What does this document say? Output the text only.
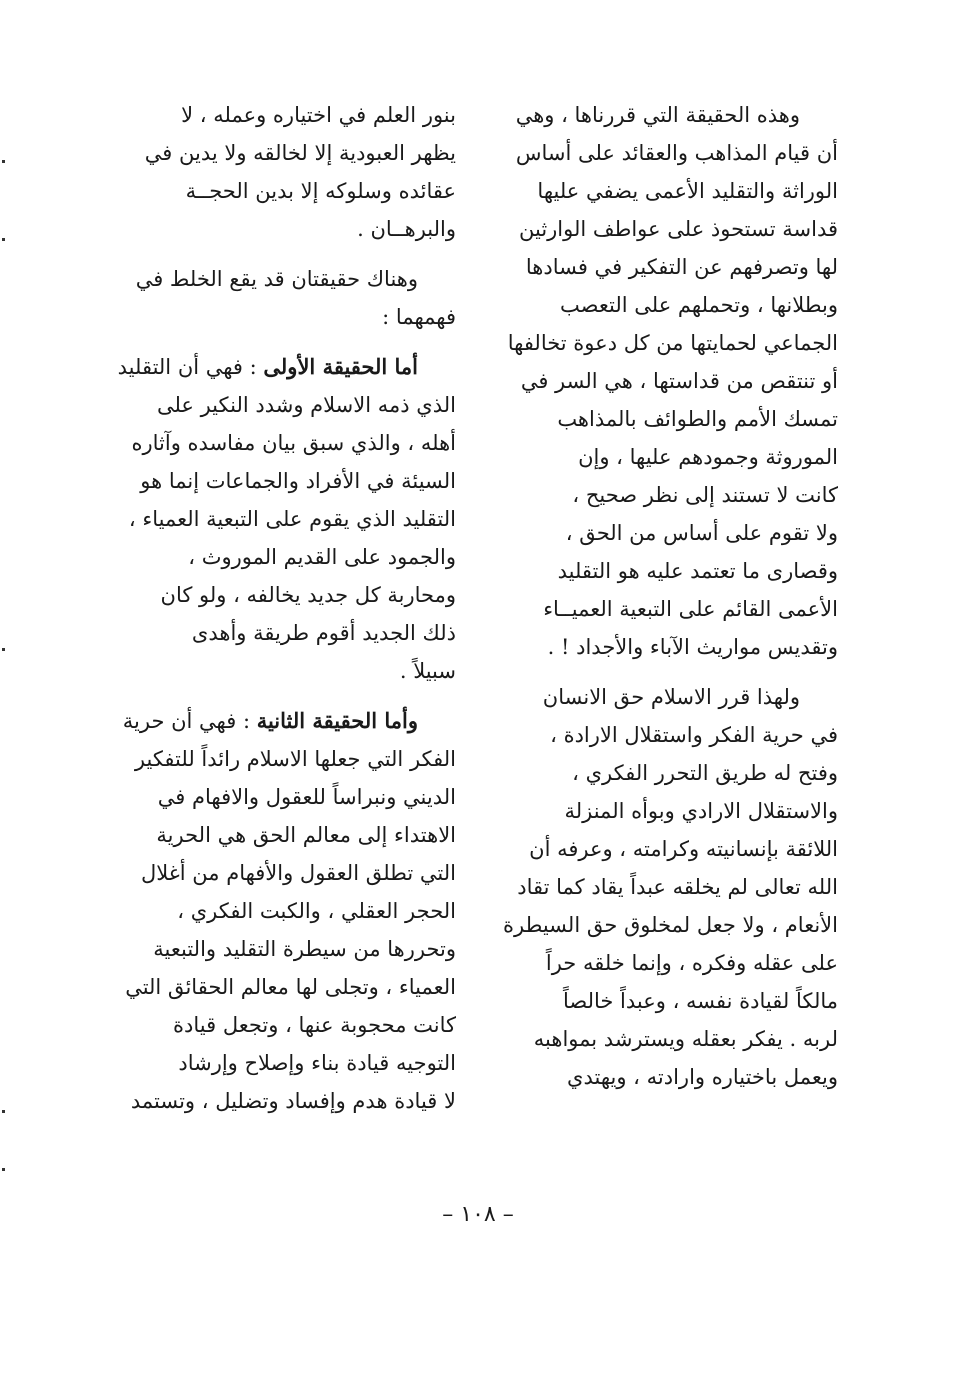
وهذه الحقيقة التي قررناها ، وهي
أن قيام المذاهب والعقائد على أساس
الوراثة والتقليد الأعمى يضفي عليها
قداسة تستحوذ على عواطف الوارثين
لها وتصرفهم عن التفكير في فسادها
وبطلانها ، وتحملهم على التعصب
الجماعي لحمايتها من كل دعوة تخالفها
أو تنتقص من قداستها ، هي السر في
تمسك الأمم والطوائف بالمذاهب
الموروثة وجمودهم عليها ، وإن
كانت لا تستند إلى نظر صحيح ،
ولا تقوم على أساس من الحق ،
وقصارى ما تعتمد عليه هو التقليد
الأعمى القائم على التبعية العميــاء
وتقديس مواريث الآباء والأجداد ! .
ولهذا قرر الاسلام حق الانسان
في حرية الفكر واستقلال الارادة ،
وفتح له طريق التحرر الفكري ،
والاستقلال الارادي وبوأه المنزلة
اللائقة بإنسانيته وكرامته ، وعرفه أن
الله تعالى لم يخلقه عبداً يقاد كما تقاد
الأنعام ، ولا جعل لمخلوق حق السيطرة
على عقله وفكره ، وإنما خلقه حراً
مالكاً لقيادة نفسه ، وعبداً خالصاً
لربه . يفكر بعقله ويسترشد بمواهبه
ويعمل باختياره وارادته ، ويهتدي
بنور العلم في اختياره وعمله ، لا
يظهر العبودية إلا لخالقه ولا يدين في
عقائده وسلوكه إلا بدين الحجــة
والبرهــان .
وهناك حقيقتان قد يقع الخلط في
فهمهما :
أما الحقيقة الأولى : فهي أن التقليد
الذي ذمه الاسلام وشدد النكير على
أهله ، والذي سبق بيان مفاسده وآثاره
السيئة في الأفراد والجماعات إنما هو
التقليد الذي يقوم على التبعية العمياء ،
والجمود على القديم الموروث ،
ومحاربة كل جديد يخالفه ، ولو كان
ذلك الجديد أقوم طريقة وأهدى
سبيلاً .
وأما الحقيقة الثانية : فهي أن حرية
الفكر التي جعلها الاسلام رائداً للتفكير
الديني ونبراساً للعقول والافهام في
الاهتداء إلى معالم الحق هي الحرية
التي تطلق العقول والأفهام من أغلال
الحجر العقلي ، والكبت الفكري ،
وتحررها من سيطرة التقليد والتبعية
العمياء ، وتجلى لها معالم الحقائق التي
كانت محجوبة عنها ، وتجعل قيادة
التوجيه قيادة بناء وإصلاح وإرشاد
لا قيادة هدم وإفساد وتضليل ، وتستمد
– ١٠٨ –
